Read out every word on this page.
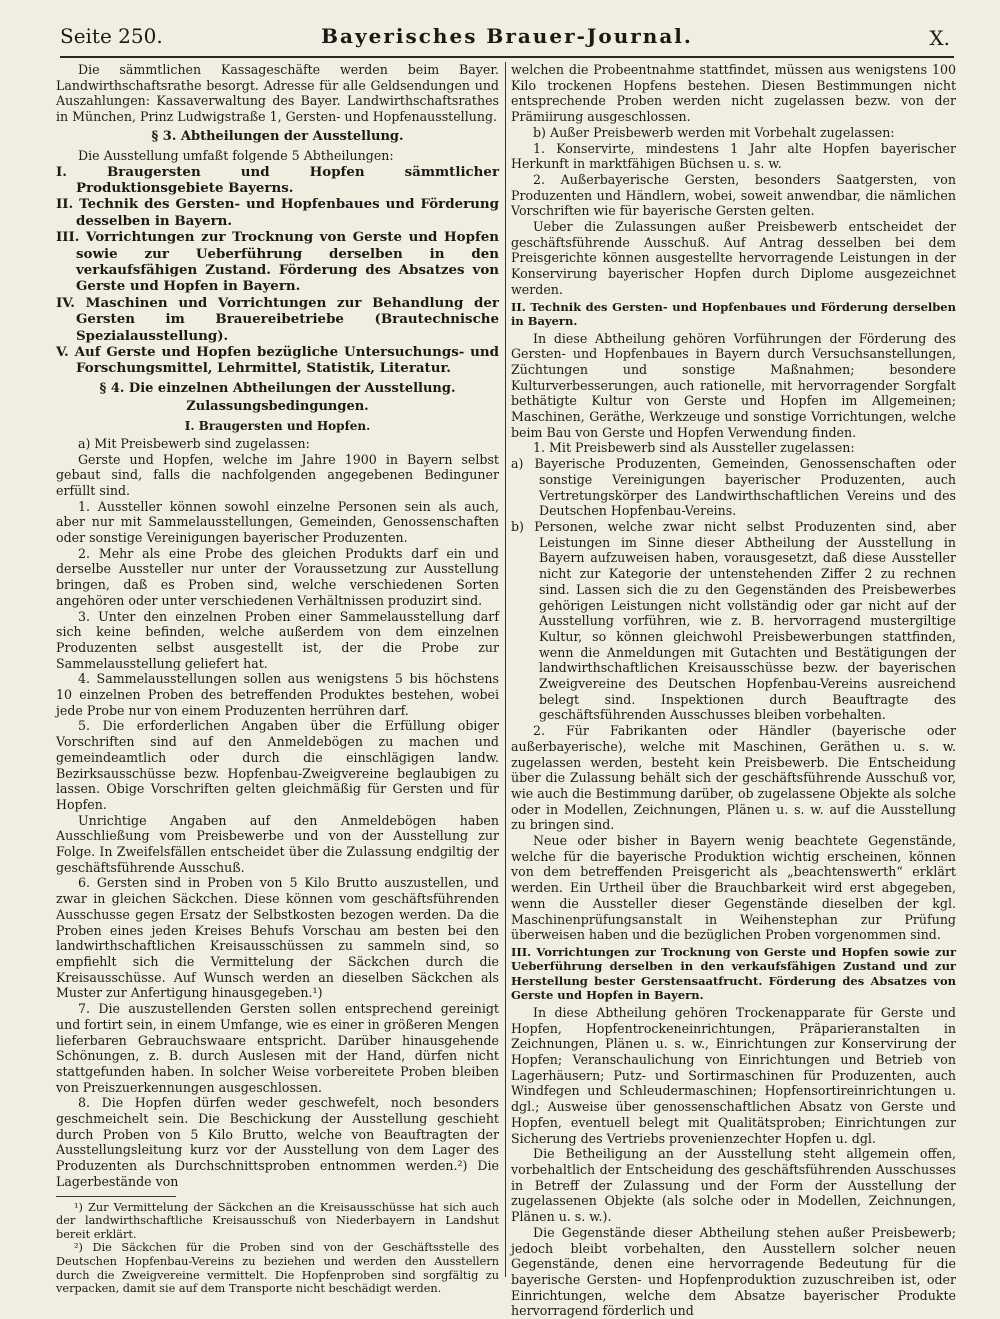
Seite 250.	Bayerisches Brauer-Journal.	X.

Die sämmtlichen Kassageschäfte werden beim Bayer. Landwirthschaftsrathe besorgt. Adresse für alle Geldsendungen und Auszahlungen: Kassaverwaltung des Bayer. Landwirthschaftsrathes in München, Prinz Ludwigstraße 1, Gersten- und Hopfenausstellung.

§ 3. Abtheilungen der Ausstellung.

Die Ausstellung umfaßt folgende 5 Abtheilungen:

I. Braugersten und Hopfen sämmtlicher Produktionsgebiete Bayerns.
II. Technik des Gersten- und Hopfenbaues und Förderung desselben in Bayern.
III. Vorrichtungen zur Trocknung von Gerste und Hopfen sowie zur Ueberführung derselben in den verkaufsfähigen Zustand. Förderung des Absatzes von Gerste und Hopfen in Bayern.
IV. Maschinen und Vorrichtungen zur Behandlung der Gersten im Brauereibetriebe (Brautechnische Spezialausstellung).
V. Auf Gerste und Hopfen bezügliche Untersuchungs- und Forschungsmittel, Lehrmittel, Statistik, Literatur.
§ 4. Die einzelnen Abtheilungen der Ausstellung. Zulassungsbedingungen.
I. Braugersten und Hopfen.

a) Mit Preisbewerb sind zugelassen:

Gerste und Hopfen, welche im Jahre 1900 in Bayern selbst gebaut sind, falls die nachfolgenden angegebenen Bedinguner erfüllt sind.

1. Aussteller können sowohl einzelne Personen sein als auch, aber nur mit Sammelausstellungen, Gemeinden, Genossenschaften oder sonstige Vereinigungen bayerischer Produzenten.

2. Mehr als eine Probe des gleichen Produkts darf ein und derselbe Aussteller nur unter der Voraussetzung zur Ausstellung bringen, daß es Proben sind, welche verschiedenen Sorten angehören oder unter verschiedenen Verhältnissen produzirt sind.

3. Unter den einzelnen Proben einer Sammelausstellung darf sich keine befinden, welche außerdem von dem einzelnen Produzenten selbst ausgestellt ist, der die Probe zur Sammelausstellung geliefert hat.

4. Sammelausstellungen sollen aus wenigstens 5 bis höchstens 10 einzelnen Proben des betreffenden Produktes bestehen, wobei jede Probe nur von einem Produzenten herrühren darf.

5. Die erforderlichen Angaben über die Erfüllung obiger Vorschriften sind auf den Anmeldebögen zu machen und gemeindeamtlich oder durch die einschlägigen landw. Bezirksausschüsse bezw. Hopfenbau-Zweigvereine beglaubigen zu lassen. Obige Vorschriften gelten gleichmäßig für Gersten und für Hopfen.

Unrichtige Angaben auf den Anmeldebögen haben Ausschließung vom Preisbewerbe und von der Ausstellung zur Folge. In Zweifelsfällen entscheidet über die Zulassung endgiltig der geschäftsführende Ausschuß.

6. Gersten sind in Proben von 5 Kilo Brutto auszustellen, und zwar in gleichen Säckchen. Diese können vom geschäftsführenden Ausschusse gegen Ersatz der Selbstkosten bezogen werden. Da die Proben eines jeden Kreises Behufs Vorschau am besten bei den landwirthschaftlichen Kreisausschüssen zu sammeln sind, so empfiehlt sich die Vermittelung der Säckchen durch die Kreisausschüsse. Auf Wunsch werden an dieselben Säckchen als Muster zur Anfertigung hinausgegeben.¹)

7. Die auszustellenden Gersten sollen entsprechend gereinigt und fortirt sein, in einem Umfange, wie es einer in größeren Mengen lieferbaren Gebrauchswaare entspricht. Darüber hinausgehende Schönungen, z. B. durch Auslesen mit der Hand, dürfen nicht stattgefunden haben. In solcher Weise vorbereitete Proben bleiben von Preiszuerkennungen ausgeschlossen.

8. Die Hopfen dürfen weder geschwefelt, noch besonders geschmeichelt sein. Die Beschickung der Ausstellung geschieht durch Proben von 5 Kilo Brutto, welche von Beauftragten der Ausstellungsleitung kurz vor der Ausstellung von dem Lager des Produzenten als Durchschnittsproben entnommen werden.²) Die Lagerbestände von

¹) Zur Vermittelung der Säckchen an die Kreisausschüsse hat sich auch der landwirthschaftliche Kreisausschuß von Niederbayern in Landshut bereit erklärt.

²) Die Säckchen für die Proben sind von der Geschäftsstelle des Deutschen Hopfenbau-Vereins zu beziehen und werden den Ausstellern durch die Zweigvereine vermittelt. Die Hopfenproben sind sorgfältig zu verpacken, damit sie auf dem Transporte nicht beschädigt werden.

welchen die Probeentnahme stattfindet, müssen aus wenigstens 100 Kilo trockenen Hopfens bestehen. Diesen Bestimmungen nicht entsprechende Proben werden nicht zugelassen bezw. von der Prämiirung ausgeschlossen.

b) Außer Preisbewerb werden mit Vorbehalt zugelassen:

1. Konservirte, mindestens 1 Jahr alte Hopfen bayerischer Herkunft in marktfähigen Büchsen u. s. w.

2. Außerbayerische Gersten, besonders Saatgersten, von Produzenten und Händlern, wobei, soweit anwendbar, die nämlichen Vorschriften wie für bayerische Gersten gelten.

Ueber die Zulassungen außer Preisbewerb entscheidet der geschäftsführende Ausschuß. Auf Antrag desselben bei dem Preisgerichte können ausgestellte hervorragende Leistungen in der Konservirung bayerischer Hopfen durch Diplome ausgezeichnet werden.

II. Technik des Gersten- und Hopfenbaues und Förderung derselben in Bayern.

In diese Abtheilung gehören Vorführungen der Förderung des Gersten- und Hopfenbaues in Bayern durch Versuchsanstellungen, Züchtungen und sonstige Maßnahmen; besondere Kulturverbesserungen, auch rationelle, mit hervorragender Sorgfalt bethätigte Kultur von Gerste und Hopfen im Allgemeinen; Maschinen, Geräthe, Werkzeuge und sonstige Vorrichtungen, welche beim Bau von Gerste und Hopfen Verwendung finden.

1. Mit Preisbewerb sind als Aussteller zugelassen:

a) Bayerische Produzenten, Gemeinden, Genossenschaften oder sonstige Vereinigungen bayerischer Produzenten, auch Vertretungskörper des Landwirthschaftlichen Vereins und des Deutschen Hopfenbau-Vereins.

b) Personen, welche zwar nicht selbst Produzenten sind, aber Leistungen im Sinne dieser Abtheilung der Ausstellung in Bayern aufzuweisen haben, vorausgesetzt, daß diese Aussteller nicht zur Kategorie der untenstehenden Ziffer 2 zu rechnen sind. Lassen sich die zu den Gegenständen des Preisbewerbes gehörigen Leistungen nicht vollständig oder gar nicht auf der Ausstellung vorführen, wie z. B. hervorragend mustergiltige Kultur, so können gleichwohl Preisbewerbungen stattfinden, wenn die Anmeldungen mit Gutachten und Bestätigungen der landwirthschaftlichen Kreisausschüsse bezw. der bayerischen Zweigvereine des Deutschen Hopfenbau-Vereins ausreichend belegt sind. Inspektionen durch Beauftragte des geschäftsführenden Ausschusses bleiben vorbehalten.

2. Für Fabrikanten oder Händler (bayerische oder außerbayerische), welche mit Maschinen, Geräthen u. s. w. zugelassen werden, besteht kein Preisbewerb. Die Entscheidung über die Zulassung behält sich der geschäftsführende Ausschuß vor, wie auch die Bestimmung darüber, ob zugelassene Objekte als solche oder in Modellen, Zeichnungen, Plänen u. s. w. auf die Ausstellung zu bringen sind.

Neue oder bisher in Bayern wenig beachtete Gegenstände, welche für die bayerische Produktion wichtig erscheinen, können von dem betreffenden Preisgericht als „beachtenswerth“ erklärt werden. Ein Urtheil über die Brauchbarkeit wird erst abgegeben, wenn die Aussteller dieser Gegenstände dieselben der kgl. Maschinenprüfungsanstalt in Weihenstephan zur Prüfung überweisen haben und die bezüglichen Proben vorgenommen sind.

III. Vorrichtungen zur Trocknung von Gerste und Hopfen sowie zur Ueberführung derselben in den verkaufsfähigen Zustand und zur Herstellung bester Gerstensaatfrucht. Förderung des Absatzes von Gerste und Hopfen in Bayern.

In diese Abtheilung gehören Trockenapparate für Gerste und Hopfen, Hopfentrockeneinrichtungen, Präparieranstalten in Zeichnungen, Plänen u. s. w., Einrichtungen zur Konservirung der Hopfen; Veranschaulichung von Einrichtungen und Betrieb von Lagerhäusern; Putz- und Sortirmaschinen für Produzenten, auch Windfegen und Schleudermaschinen; Hopfensortireinrichtungen u. dgl.; Ausweise über genossenschaftlichen Absatz von Gerste und Hopfen, eventuell belegt mit Qualitätsproben; Einrichtungen zur Sicherung des Vertriebs provenienzechter Hopfen u. dgl.

Die Betheiligung an der Ausstellung steht allgemein offen, vorbehaltlich der Entscheidung des geschäftsführenden Ausschusses in Betreff der Zulassung und der Form der Ausstellung der zugelassenen Objekte (als solche oder in Modellen, Zeichnungen, Plänen u. s. w.).

Die Gegenstände dieser Abtheilung stehen außer Preisbewerb; jedoch bleibt vorbehalten, den Ausstellern solcher neuen Gegenstände, denen eine hervorragende Bedeutung für die bayerische Gersten- und Hopfenproduktion zuzuschreiben ist, oder Einrichtungen, welche dem Absatze bayerischer Produkte hervorragend förderlich und
